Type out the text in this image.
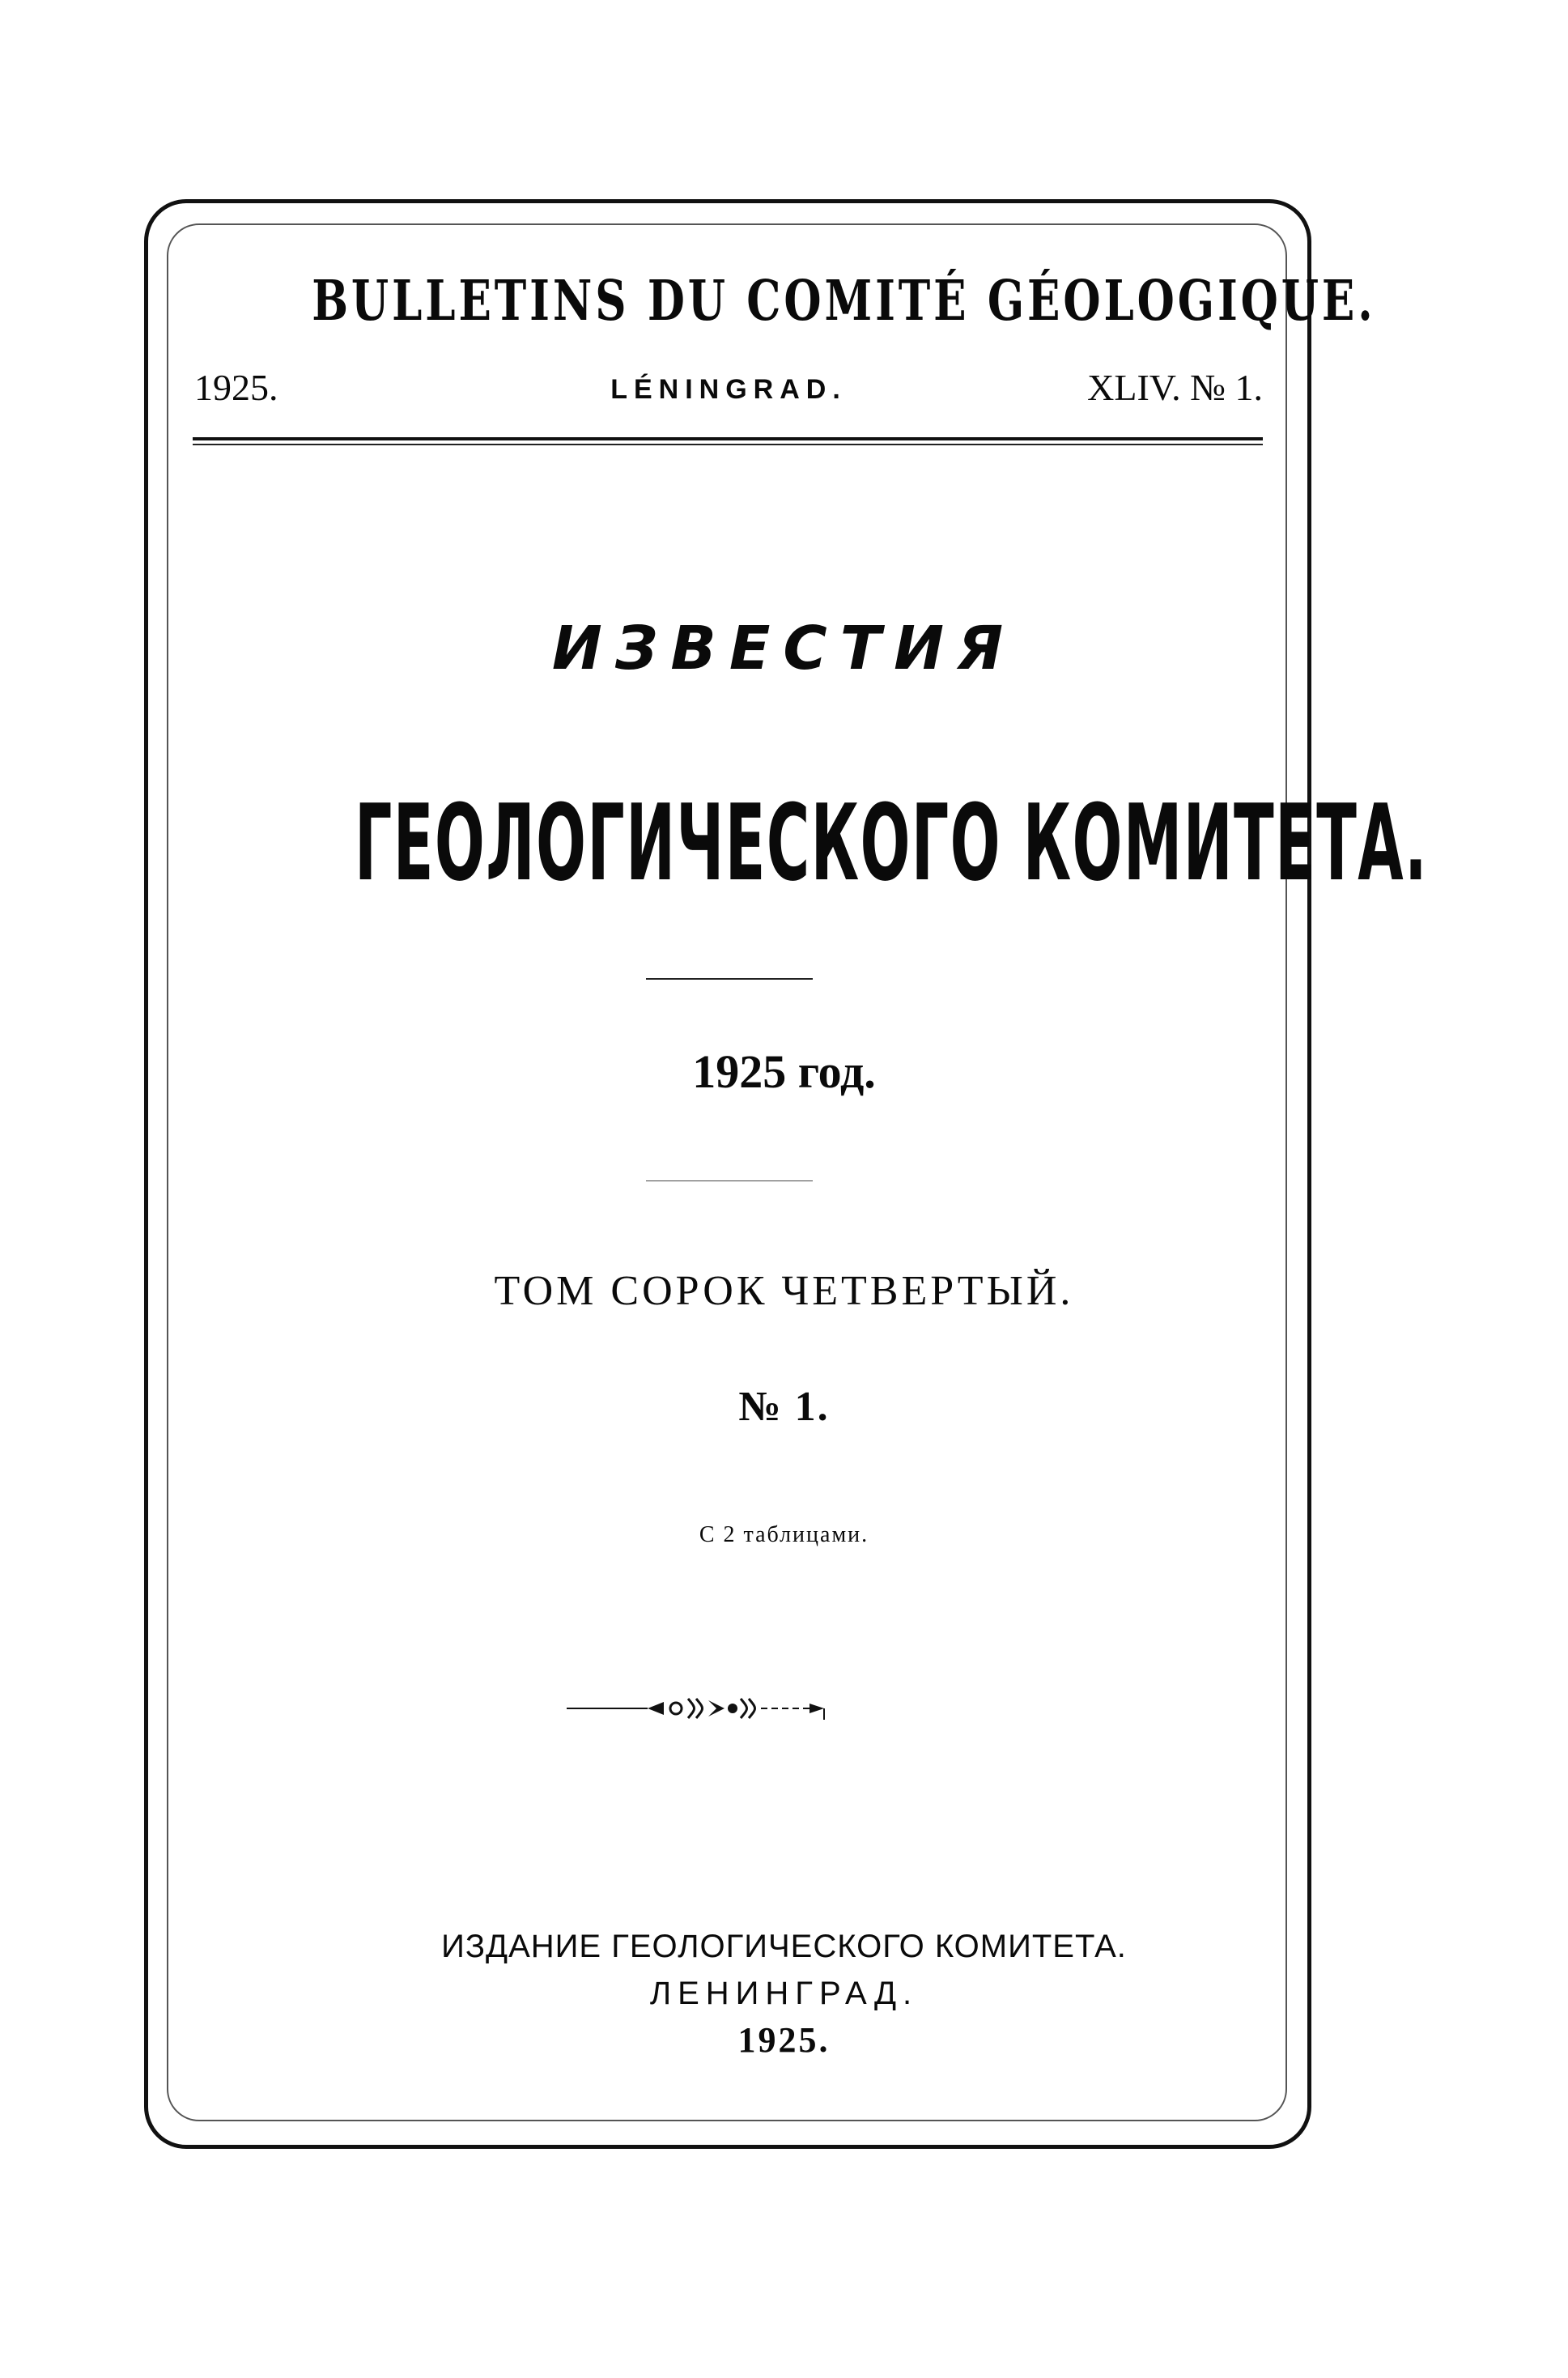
BULLETINS DU COMITÉ GÉOLOGIQUE.
1925.	LÉNINGRAD.	XLIV. № 1.
ИЗВЕСТИЯ
ГЕОЛОГИЧЕСКОГО КОМИТЕТА.
1925 год.
ТОМ СОРОК ЧЕТВЕРТЫЙ.
№ 1.
С 2 таблицами.
ИЗДАНИЕ ГЕОЛОГИЧЕСКОГО КОМИТЕТА.
ЛЕНИНГРАД.
1925.
